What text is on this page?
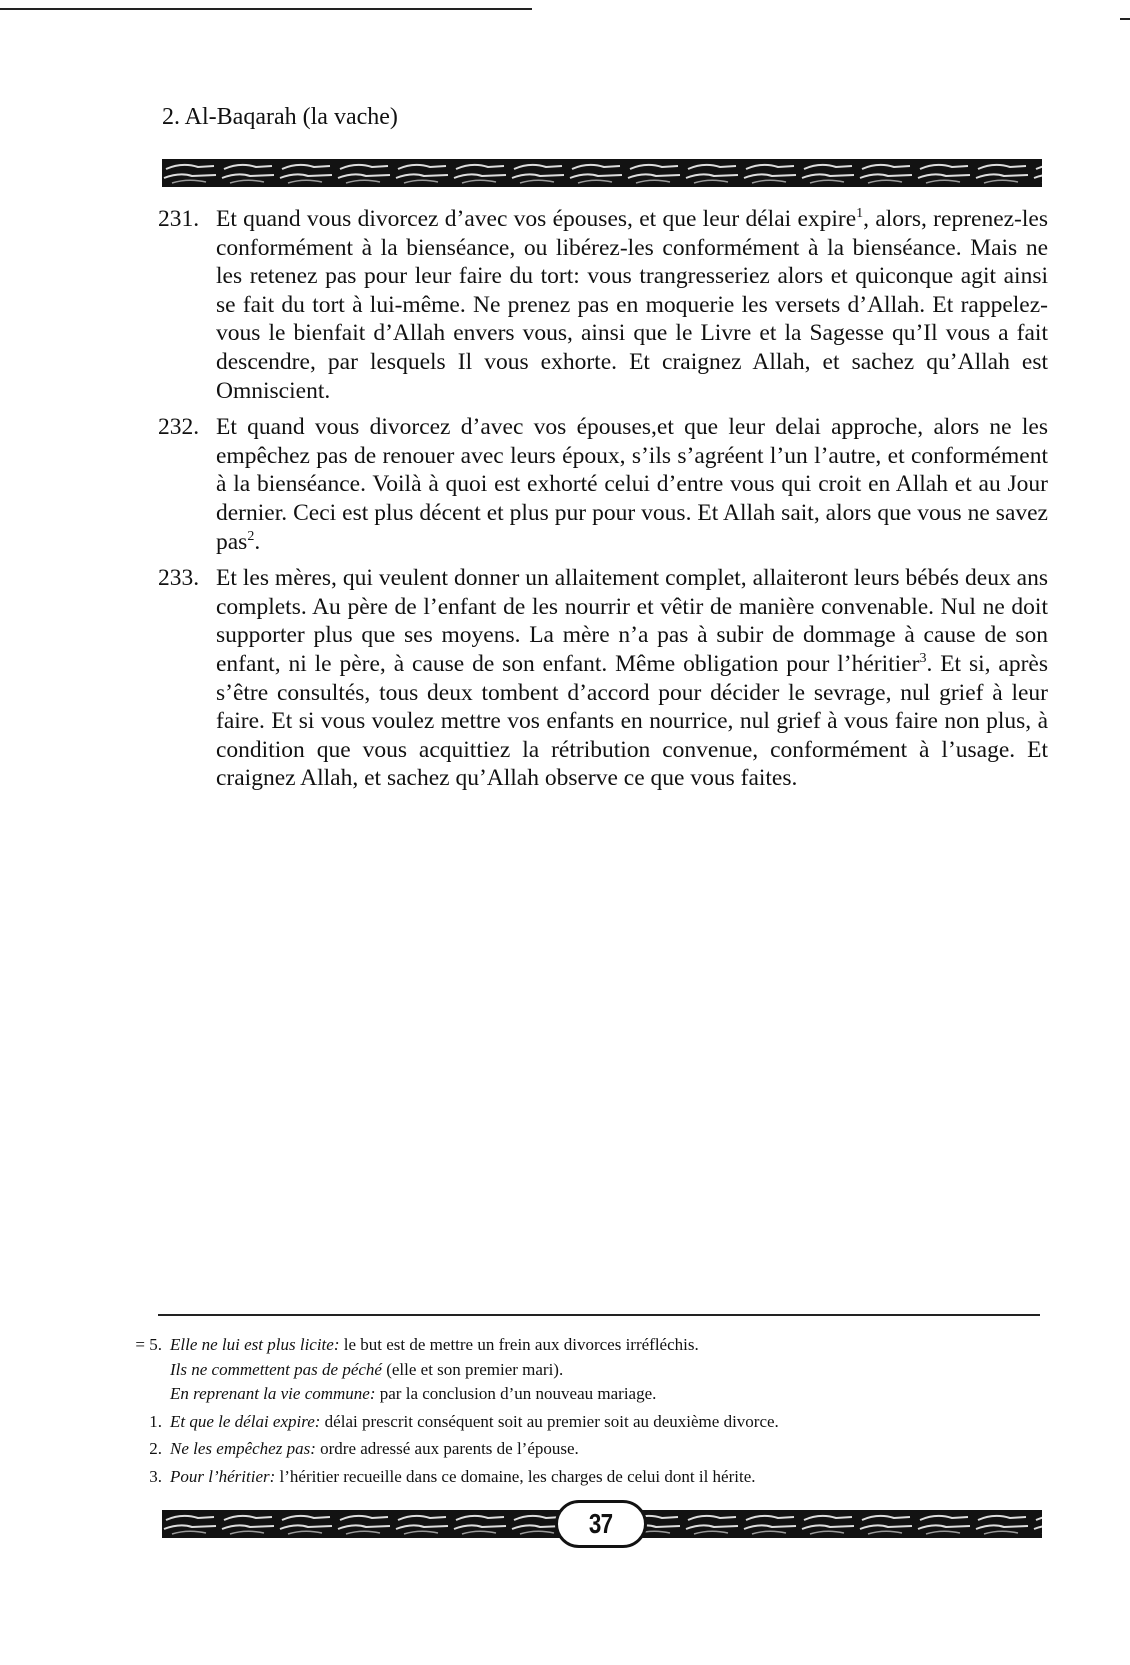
2. Al-Baqarah (la vache)
231. Et quand vous divorcez d’avec vos épouses, et que leur délai expire$^1$, alors, reprenez-les conformément à la bienséance, ou libérez-les conformément à la bienséance. Mais ne les retenez pas pour leur faire du tort: vous trangresseriez alors et quiconque agit ainsi se fait du tort à lui-même. Ne prenez pas en moquerie les versets d’Allah. Et rappelez-vous le bienfait d’Allah envers vous, ainsi que le Livre et la Sagesse qu’Il vous a fait descendre, par lesquels Il vous exhorte. Et craignez Allah, et sachez qu’Allah est Omniscient.
232. Et quand vous divorcez d’avec vos épouses,et que leur delai approche, alors ne les empêchez pas de renouer avec leurs époux, s’ils s’agréent l’un l’autre, et conformément à la bienséance. Voilà à quoi est exhorté celui d’entre vous qui croit en Allah et au Jour dernier. Ceci est plus décent et plus pur pour vous. Et Allah sait, alors que vous ne savez pas$^2$.
233. Et les mères, qui veulent donner un allaitement complet, allaiteront leurs bébés deux ans complets. Au père de l’enfant de les nourrir et vêtir de manière convenable. Nul ne doit supporter plus que ses moyens. La mère n’a pas à subir de dommage à cause de son enfant, ni le père, à cause de son enfant. Même obligation pour l’héritier$^3$. Et si, après s’être consultés, tous deux tombent d’accord pour décider le sevrage, nul grief à leur faire. Et si vous voulez mettre vos enfants en nourrice, nul grief à vous faire non plus, à condition que vous acquittiez la rétribution convenue, conformément à l’usage. Et craignez Allah, et sachez qu’Allah observe ce que vous faites.
= 5. Elle ne lui est plus licite: le but est de mettre un frein aux divorces irréfléchis.
Ils ne commettent pas de péché (elle et son premier mari).
En reprenant la vie commune: par la conclusion d’un nouveau mariage.
1. Et que le délai expire: délai prescrit conséquent soit au premier soit au deuxième divorce.
2. Ne les empêchez pas: ordre adressé aux parents de l’épouse.
3. Pour l’héritier: l’héritier recueille dans ce domaine, les charges de celui dont il hérite.
37
